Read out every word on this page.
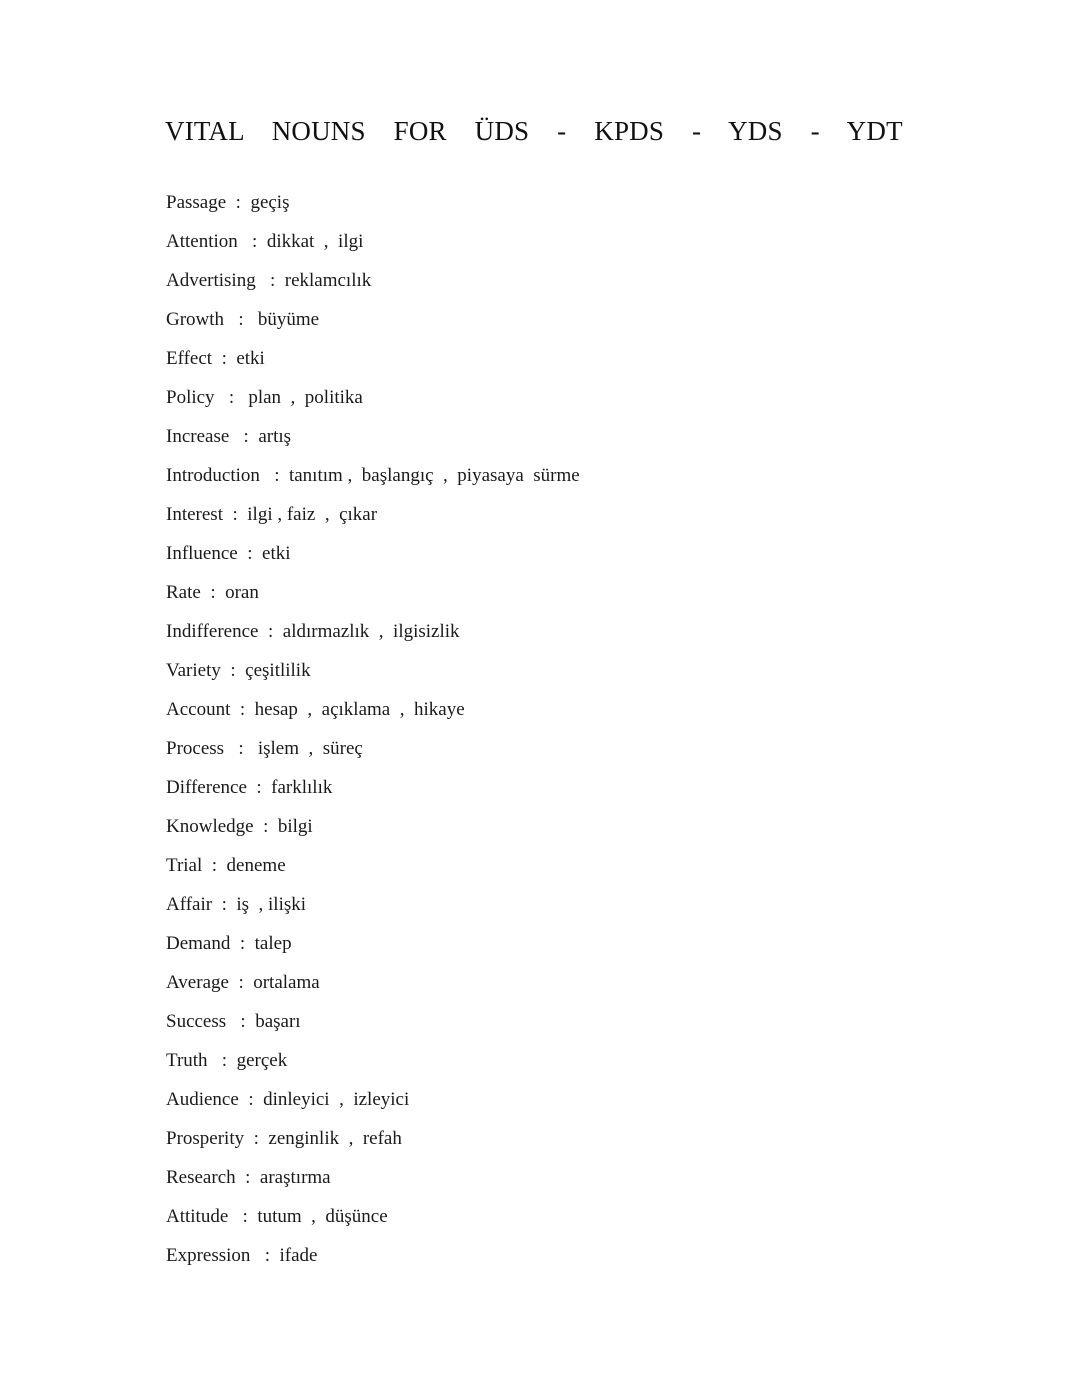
VITAL  NOUNS  FOR  ÜDS  -  KPDS  -  YDS  -  YDT
Passage  :  geçiş
Attention   :  dikkat  ,  ilgi
Advertising   :  reklamcılık
Growth   :   büyüme
Effect  :  etki
Policy   :   plan  ,  politika
Increase   :  artış
Introduction   :  tanıtım ,  başlangıç  ,  piyasaya  sürme
Interest  :  ilgi , faiz  ,  çıkar
Influence  :  etki
Rate  :  oran
Indifference  :  aldırmazlık  ,  ilgisizlik
Variety  :  çeşitlilik
Account  :  hesap  ,  açıklama  ,  hikaye
Process   :   işlem  ,  süreç
Difference  :  farklılık
Knowledge  :  bilgi
Trial  :  deneme
Affair  :  iş  , ilişki
Demand  :  talep
Average  :  ortalama
Success   :  başarı
Truth   :  gerçek
Audience  :  dinleyici  ,  izleyici
Prosperity  :  zenginlik  ,  refah
Research  :  araştırma
Attitude   :  tutum  ,  düşünce
Expression   :  ifade
